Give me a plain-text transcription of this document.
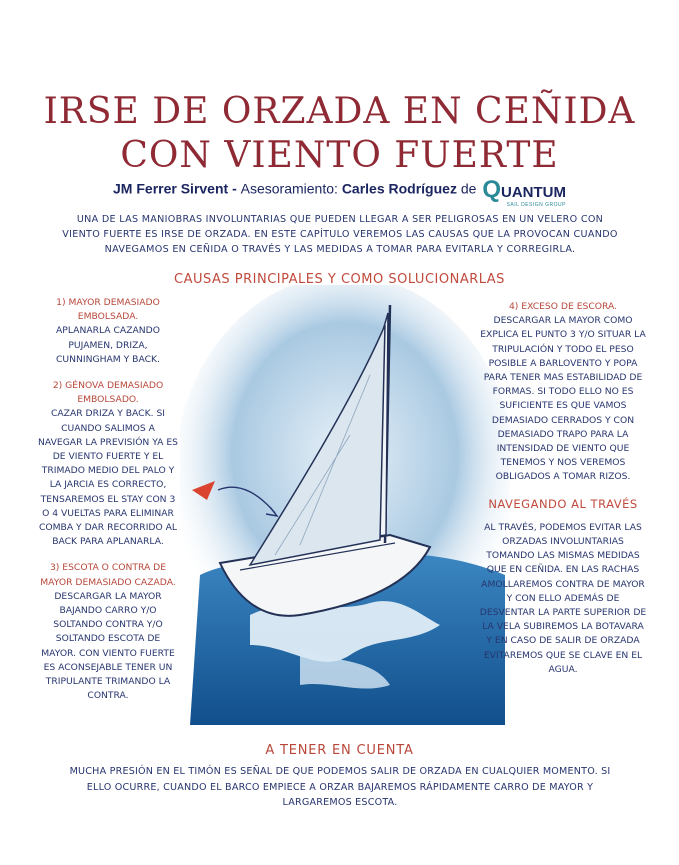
IRSE DE ORZADA EN CEÑIDA
CON VIENTO FUERTE
JM Ferrer Sirvent - Asesoramiento: Carles Rodríguez de QUANTUM
SAIL DESIGN GROUP
UNA DE LAS MANIOBRAS INVOLUNTARIAS QUE PUEDEN LLEGAR A SER PELIGROSAS EN UN VELERO CON VIENTO FUERTE ES IRSE DE ORZADA. EN ESTE CAPÍTULO VEREMOS LAS CAUSAS QUE LA PROVOCAN CUANDO NAVEGAMOS EN CEÑIDA O TRAVÉS Y LAS MEDIDAS A TOMAR PARA EVITARLA Y CORREGIRLA.
CAUSAS PRINCIPALES Y COMO SOLUCIONARLAS
1) MAYOR DEMASIADO EMBOLSADA.
APLANARLA CAZANDO PUJAMEN, DRIZA, CUNNINGHAM Y BACK.
2) GÉNOVA DEMASIADO EMBOLSADO.
CAZAR DRIZA Y BACK. SI CUANDO SALIMOS A NAVEGAR LA PREVISIÓN YA ES DE VIENTO FUERTE Y EL TRIMADO MEDIO DEL PALO Y LA JARCIA ES CORRECTO, TENSAREMOS EL STAY CON 3 O 4 VUELTAS PARA ELIMINAR COMBA Y DAR RECORRIDO AL BACK PARA APLANARLA.
3) ESCOTA O CONTRA DE MAYOR DEMASIADO CAZADA.
DESCARGAR LA MAYOR BAJANDO CARRO Y/O SOLTANDO CONTRA Y/O SOLTANDO ESCOTA DE MAYOR. CON VIENTO FUERTE ES ACONSEJABLE TENER UN TRIPULANTE TRIMANDO LA CONTRA.
4) EXCESO DE ESCORA.
DESCARGAR LA MAYOR COMO EXPLICA EL PUNTO 3 Y/O SITUAR LA TRIPULACIÓN Y TODO EL PESO POSIBLE A BARLOVENTO Y POPA PARA TENER MAS ESTABILIDAD DE FORMAS. SI TODO ELLO NO ES SUFICIENTE ES QUE VAMOS DEMASIADO CERRADOS Y CON DEMASIADO TRAPO PARA LA INTENSIDAD DE VIENTO QUE TENEMOS Y NOS VEREMOS OBLIGADOS A TOMAR RIZOS.
NAVEGANDO AL TRAVÉS
AL TRAVÉS, PODEMOS EVITAR LAS ORZADAS INVOLUNTARIAS TOMANDO LAS MISMAS MEDIDAS QUE EN CEÑIDA. EN LAS RACHAS AMOLLAREMOS CONTRA DE MAYOR Y CON ELLO ADEMÁS DE DESVENTAR LA PARTE SUPERIOR DE LA VELA SUBIREMOS LA BOTAVARA Y EN CASO DE SALIR DE ORZADA EVITAREMOS QUE SE CLAVE EN EL AGUA.
A TENER EN CUENTA
MUCHA PRESIÓN EN EL TIMÓN ES SEÑAL DE QUE PODEMOS SALIR DE ORZADA EN CUALQUIER MOMENTO. SI ELLO OCURRE, CUANDO EL BARCO EMPIECE A ORZAR BAJAREMOS RÁPIDAMENTE CARRO DE MAYOR Y LARGAREMOS ESCOTA.
